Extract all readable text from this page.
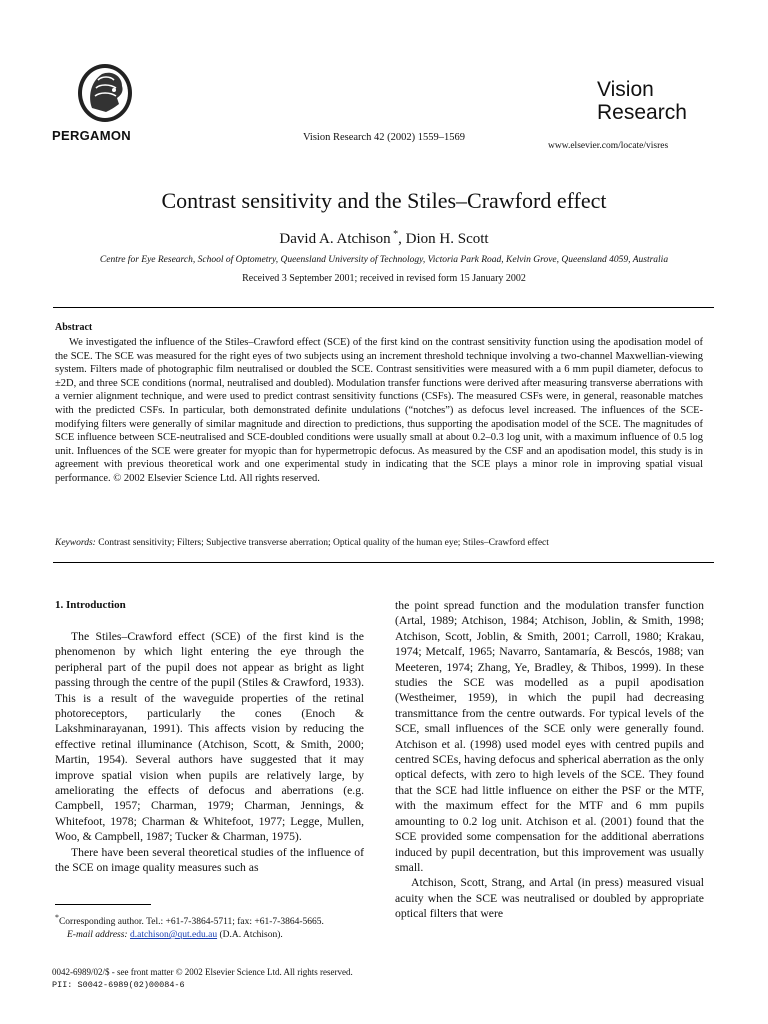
PERGAMON	Vision Research 42 (2002) 1559–1569
Vision
Research
www.elsevier.com/locate/visres
Contrast sensitivity and the Stiles–Crawford effect
David A. Atchison *, Dion H. Scott
Centre for Eye Research, School of Optometry, Queensland University of Technology, Victoria Park Road, Kelvin Grove, Queensland 4059, Australia
Received 3 September 2001; received in revised form 15 January 2002
Abstract

We investigated the influence of the Stiles–Crawford effect (SCE) of the first kind on the contrast sensitivity function using the apodisation model of the SCE. The SCE was measured for the right eyes of two subjects using an increment threshold technique involving a two-channel Maxwellian-viewing system. Filters made of photographic film neutralised or doubled the SCE. Contrast sensitivities were measured with a 6 mm pupil diameter, defocus to ±2D, and three SCE conditions (normal, neutralised and doubled). Modulation transfer functions were derived after measuring transverse aberrations with a vernier alignment technique, and were used to predict contrast sensitivity functions (CSFs). The measured CSFs were, in general, reasonable matches with the predicted CSFs. In particular, both demonstrated definite undulations (“notches”) as defocus level increased. The influences of the SCE-modifying filters were generally of similar magnitude and direction to predictions, thus supporting the apodisation model of the SCE. The magnitudes of SCE influence between SCE-neutralised and SCE-doubled conditions were usually small at about 0.2–0.3 log unit, with a maximum influence of 0.5 log unit. Influences of the SCE were greater for myopic than for hypermetropic defocus. As measured by the CSF and an apodisation model, this study is in agreement with previous theoretical work and one experimental study in indicating that the SCE plays a minor role in improving spatial visual performance. © 2002 Elsevier Science Ltd. All rights reserved.

Keywords: Contrast sensitivity; Filters; Subjective transverse aberration; Optical quality of the human eye; Stiles–Crawford effect
1. Introduction

The Stiles–Crawford effect (SCE) of the first kind is the phenomenon by which light entering the eye through the peripheral part of the pupil does not appear as bright as light passing through the centre of the pupil (Stiles & Crawford, 1933). This is a result of the waveguide properties of the retinal photoreceptors, particularly the cones (Enoch & Lakshminarayanan, 1991). This affects vision by reducing the effective retinal illuminance (Atchison, Scott, & Smith, 2000; Martin, 1954). Several authors have suggested that it may improve spatial vision when pupils are relatively large, by ameliorating the effects of defocus and aberrations (e.g. Campbell, 1957; Charman, 1979; Charman, Jennings, & Whitefoot, 1978; Charman & Whitefoot, 1977; Legge, Mullen, Woo, & Campbell, 1987; Tucker & Charman, 1975).

There have been several theoretical studies of the influence of the SCE on image quality measures such as

the point spread function and the modulation transfer function (Artal, 1989; Atchison, 1984; Atchison, Joblin, & Smith, 1998; Atchison, Scott, Joblin, & Smith, 2001; Carroll, 1980; Krakau, 1974; Metcalf, 1965; Navarro, Santamaría, & Bescós, 1988; van Meeteren, 1974; Zhang, Ye, Bradley, & Thibos, 1999). In these studies the SCE was modelled as a pupil apodisation (Westheimer, 1959), in which the pupil had decreasing transmittance from the centre outwards. For typical levels of the SCE, small influences of the SCE only were generally found. Atchison et al. (1998) used model eyes with centred pupils and centred SCEs, having defocus and spherical aberration as the only optical defects, with zero to high levels of the SCE. They found that the SCE had little influence on either the PSF or the MTF, with the maximum effect for the MTF and 6 mm pupils amounting to 0.2 log unit. Atchison et al. (2001) found that the SCE provided some compensation for the additional aberrations induced by pupil decentration, but this improvement was usually small.

Atchison, Scott, Strang, and Artal (in press) measured visual acuity when the SCE was neutralised or doubled by appropriate optical filters that were

*Corresponding author. Tel.: +61-7-3864-5711; fax: +61-7-3864-5665.
E-mail address: d.atchison@qut.edu.au (D.A. Atchison).
0042-6989/02/$ - see front matter © 2002 Elsevier Science Ltd. All rights reserved.
PII: S0042-6989(02)00084-6
